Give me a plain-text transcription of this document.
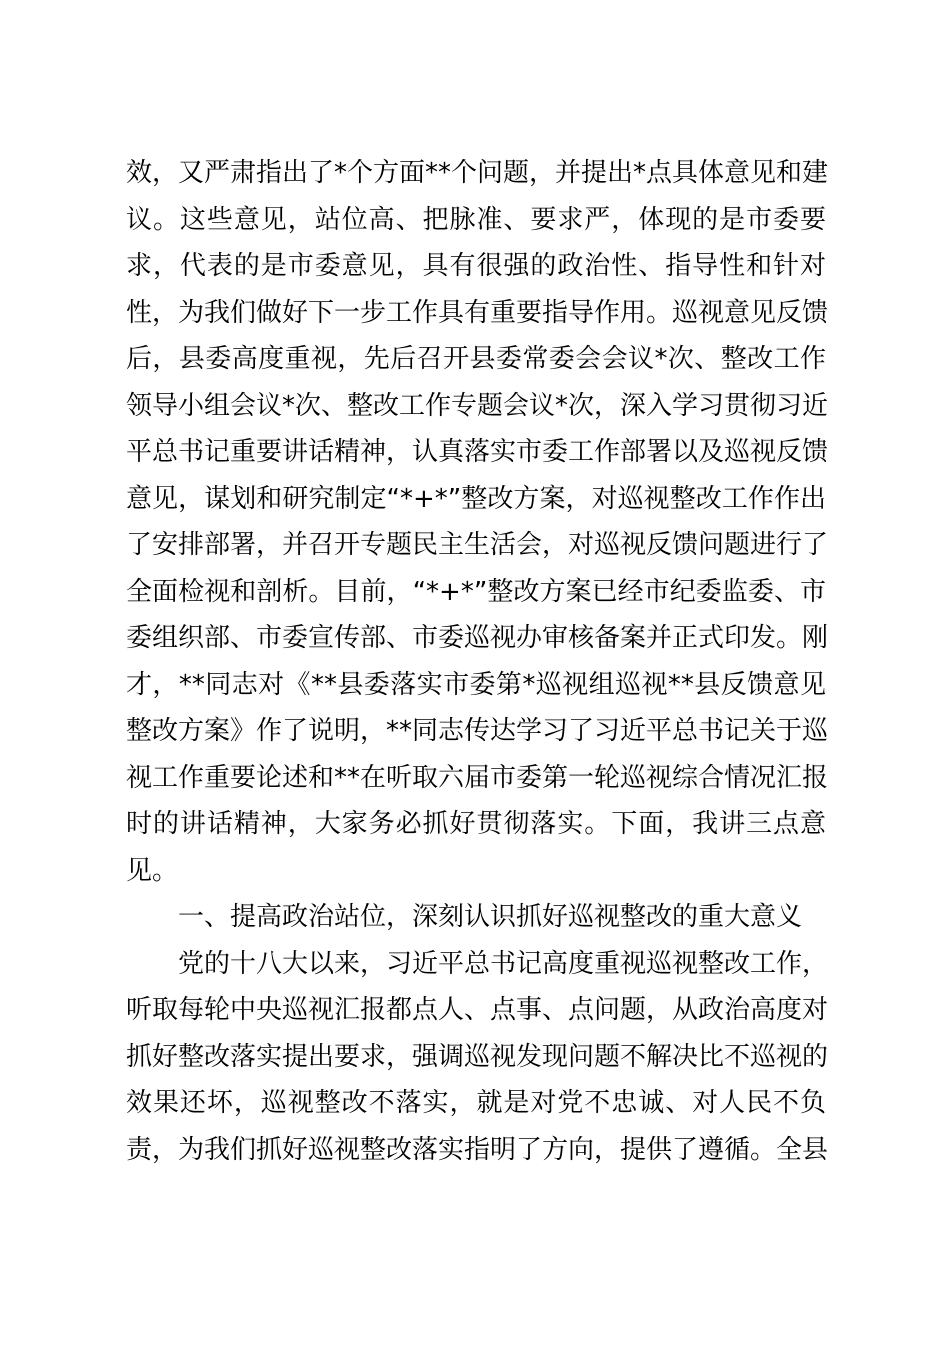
效，又严肃指出了*个方面**个问题，并提出*点具体意见和建
议。这些意见，站位高、把脉准、要求严，体现的是市委要
求，代表的是市委意见，具有很强的政治性、指导性和针对
性，为我们做好下一步工作具有重要指导作用。巡视意见反馈
后，县委高度重视，先后召开县委常委会会议*次、整改工作
领导小组会议*次、整改工作专题会议*次，深入学习贯彻习近
平总书记重要讲话精神，认真落实市委工作部署以及巡视反馈
意见，谋划和研究制定“*+*”整改方案，对巡视整改工作作出
了安排部署，并召开专题民主生活会，对巡视反馈问题进行了
全面检视和剖析。目前，“*+*”整改方案已经市纪委监委、市
委组织部、市委宣传部、市委巡视办审核备案并正式印发。刚
才，**同志对《**县委落实市委第*巡视组巡视**县反馈意见
整改方案》作了说明，**同志传达学习了习近平总书记关于巡
视工作重要论述和**在听取六届市委第一轮巡视综合情况汇报
时的讲话精神，大家务必抓好贯彻落实。下面，我讲三点意
见。
一、提高政治站位，深刻认识抓好巡视整改的重大意义
党的十八大以来，习近平总书记高度重视巡视整改工作，
听取每轮中央巡视汇报都点人、点事、点问题，从政治高度对
抓好整改落实提出要求，强调巡视发现问题不解决比不巡视的
效果还坏，巡视整改不落实，就是对党不忠诚、对人民不负
责，为我们抓好巡视整改落实指明了方向，提供了遵循。全县
